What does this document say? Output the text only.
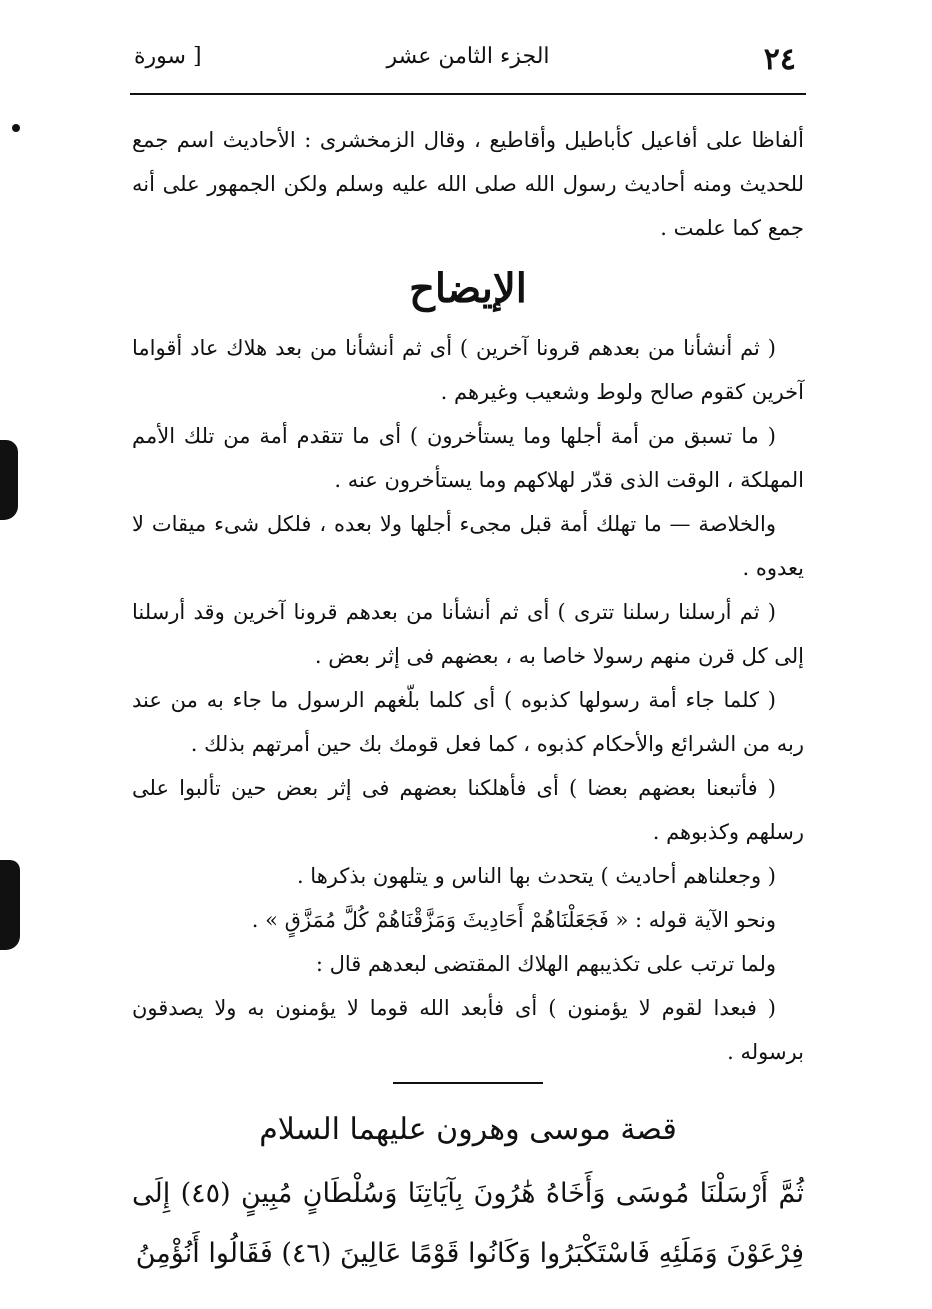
٢٤
الجزء الثامن عشر
[ سورة

ألفاظا على أفاعيل كأباطيل وأقاطيع ، وقال الزمخشرى : الأحاديث اسم جمع للحديث ومنه أحاديث رسول الله صلى الله عليه وسلم ولكن الجمهور على أنه جمع كما علمت .

الإيضاح

( ثم أنشأنا من بعدهم قرونا آخرين ) أى ثم أنشأنا من بعد هلاك عاد أقواما آخرين كقوم صالح ولوط وشعيب وغيرهم .

( ما تسبق من أمة أجلها وما يستأخرون ) أى ما تتقدم أمة من تلك الأمم المهلكة ، الوقت الذى قدّر لهلاكهم وما يستأخرون عنه .

والخلاصة — ما تهلك أمة قبل مجىء أجلها ولا بعده ، فلكل شىء ميقات لا يعدوه .

( ثم أرسلنا رسلنا تترى ) أى ثم أنشأنا من بعدهم قرونا آخرين وقد أرسلنا إلى كل قرن منهم رسولا خاصا به ، بعضهم فى إثر بعض .

( كلما جاء أمة رسولها كذبوه ) أى كلما بلّغهم الرسول ما جاء به من عند ربه من الشرائع والأحكام كذبوه ، كما فعل قومك بك حين أمرتهم بذلك .

( فأتبعنا بعضهم بعضا ) أى فأهلكنا بعضهم فى إثر بعض حين تألبوا على رسلهم وكذبوهم .

( وجعلناهم أحاديث ) يتحدث بها الناس و يتلهون بذكرها .

ونحو الآية قوله : « فَجَعَلْنَاهُمْ أَحَادِيثَ وَمَزَّقْنَاهُمْ كُلَّ مُمَزَّقٍ » .

ولما ترتب على تكذيبهم الهلاك المقتضى لبعدهم قال :

( فبعدا لقوم لا يؤمنون ) أى فأبعد الله قوما لا يؤمنون به ولا يصدقون برسوله .

قصة موسى وهرون عليهما السلام

ثُمَّ أَرْسَلْنَا مُوسَى وَأَخَاهُ هَٰرُونَ بِآيَاتِنَا وَسُلْطَانٍ مُبِينٍ (٤٥) إِلَى فِرْعَوْنَ وَمَلَئِهِ فَاسْتَكْبَرُوا وَكَانُوا قَوْمًا عَالِينَ (٤٦) فَقَالُوا أَنُؤْمِنُ
